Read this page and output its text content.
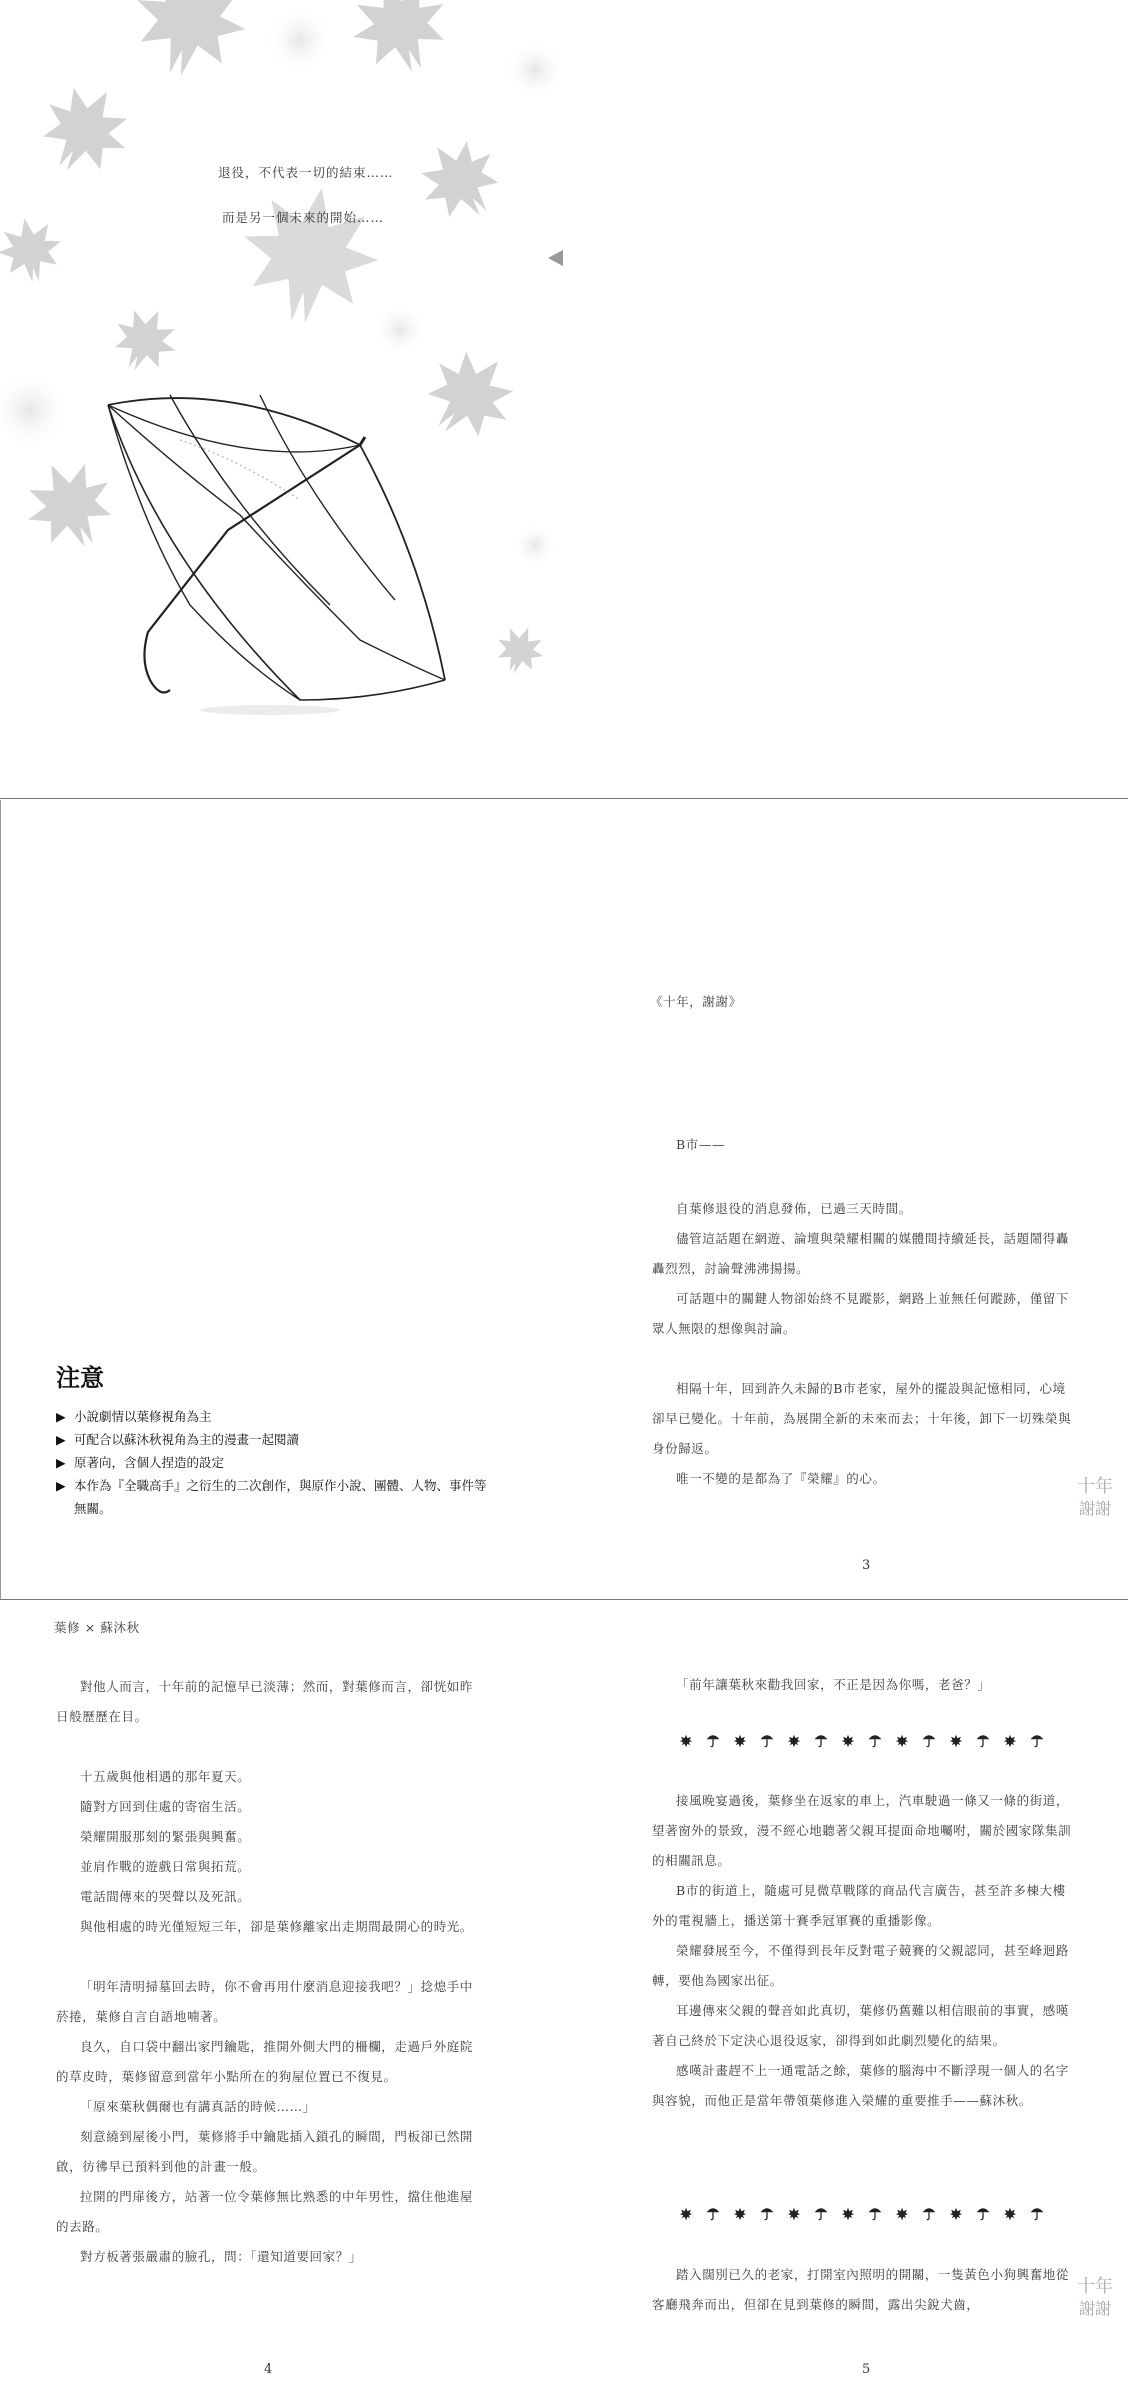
退役，不代表一切的結束……

而是另一個未來的開始……

注意

▶ 小說劇情以葉修視角為主
▶ 可配合以蘇沐秋視角為主的漫畫一起閱讀
▶ 原著向，含個人捏造的設定
▶ 本作為『全職高手』之衍生的二次創作，與原作小說、團體、人物、事件等無關。

《十年，謝謝》

B市——

自葉修退役的消息發佈，已過三天時間。

儘管這話題在網遊、論壇與榮耀相關的媒體間持續延長，話題鬧得轟轟烈烈，討論聲沸沸揚揚。

可話題中的關鍵人物卻始終不見蹤影，網路上並無任何蹤跡，僅留下眾人無限的想像與討論。

相隔十年，回到許久未歸的B市老家，屋外的擺設與記憶相同，心境卻早已變化。十年前，為展開全新的未來而去；十年後，卸下一切殊榮與身份歸返。

唯一不變的是都為了『榮耀』的心。

3
十年
謝謝

葉修 × 蘇沐秋

對他人而言，十年前的記憶早已淡薄；然而，對葉修而言，卻恍如昨日般歷歷在目。

十五歲與他相遇的那年夏天。

隨對方回到住處的寄宿生活。

榮耀開服那刻的緊張與興奮。

並肩作戰的遊戲日常與拓荒。

電話間傳來的哭聲以及死訊。

與他相處的時光僅短短三年，卻是葉修離家出走期間最開心的時光。

「明年清明掃墓回去時，你不會再用什麼消息迎接我吧？」捻熄手中菸捲，葉修自言自語地喃著。

良久，自口袋中翻出家門鑰匙，推開外側大門的柵欄，走過戶外庭院的草皮時，葉修留意到當年小點所在的狗屋位置已不復見。

「原來葉秋偶爾也有講真話的時候……」

刻意繞到屋後小門，葉修將手中鑰匙插入鎖孔的瞬間，門板卻已然開啟，彷彿早已預料到他的計畫一般。

拉開的門扉後方，站著一位令葉修無比熟悉的中年男性，擋住他進屋的去路。

對方板著張嚴肅的臉孔，問：「還知道要回家？」

4

「前年讓葉秋來勸我回家，不正是因為你嗎，老爸？」

接風晚宴過後，葉修坐在返家的車上，汽車駛過一條又一條的街道，望著窗外的景致，漫不經心地聽著父親耳提面命地囑咐，關於國家隊集訓的相關訊息。

B市的街道上，隨處可見微草戰隊的商品代言廣告，甚至許多棟大樓外的電視牆上，播送第十賽季冠軍賽的重播影像。

榮耀發展至今，不僅得到長年反對電子競賽的父親認同，甚至峰迴路轉，要他為國家出征。

耳邊傳來父親的聲音如此真切，葉修仍舊難以相信眼前的事實，感嘆著自己終於下定決心退役返家，卻得到如此劇烈變化的結果。

感嘆計畫趕不上一通電話之餘，葉修的腦海中不斷浮現一個人的名字與容貌，而他正是當年帶領葉修進入榮耀的重要推手——蘇沐秋。

踏入闊別已久的老家，打開室內照明的開關，一隻黃色小狗興奮地從客廳飛奔而出，但卻在見到葉修的瞬間，露出尖銳犬齒，

5
十年
謝謝
